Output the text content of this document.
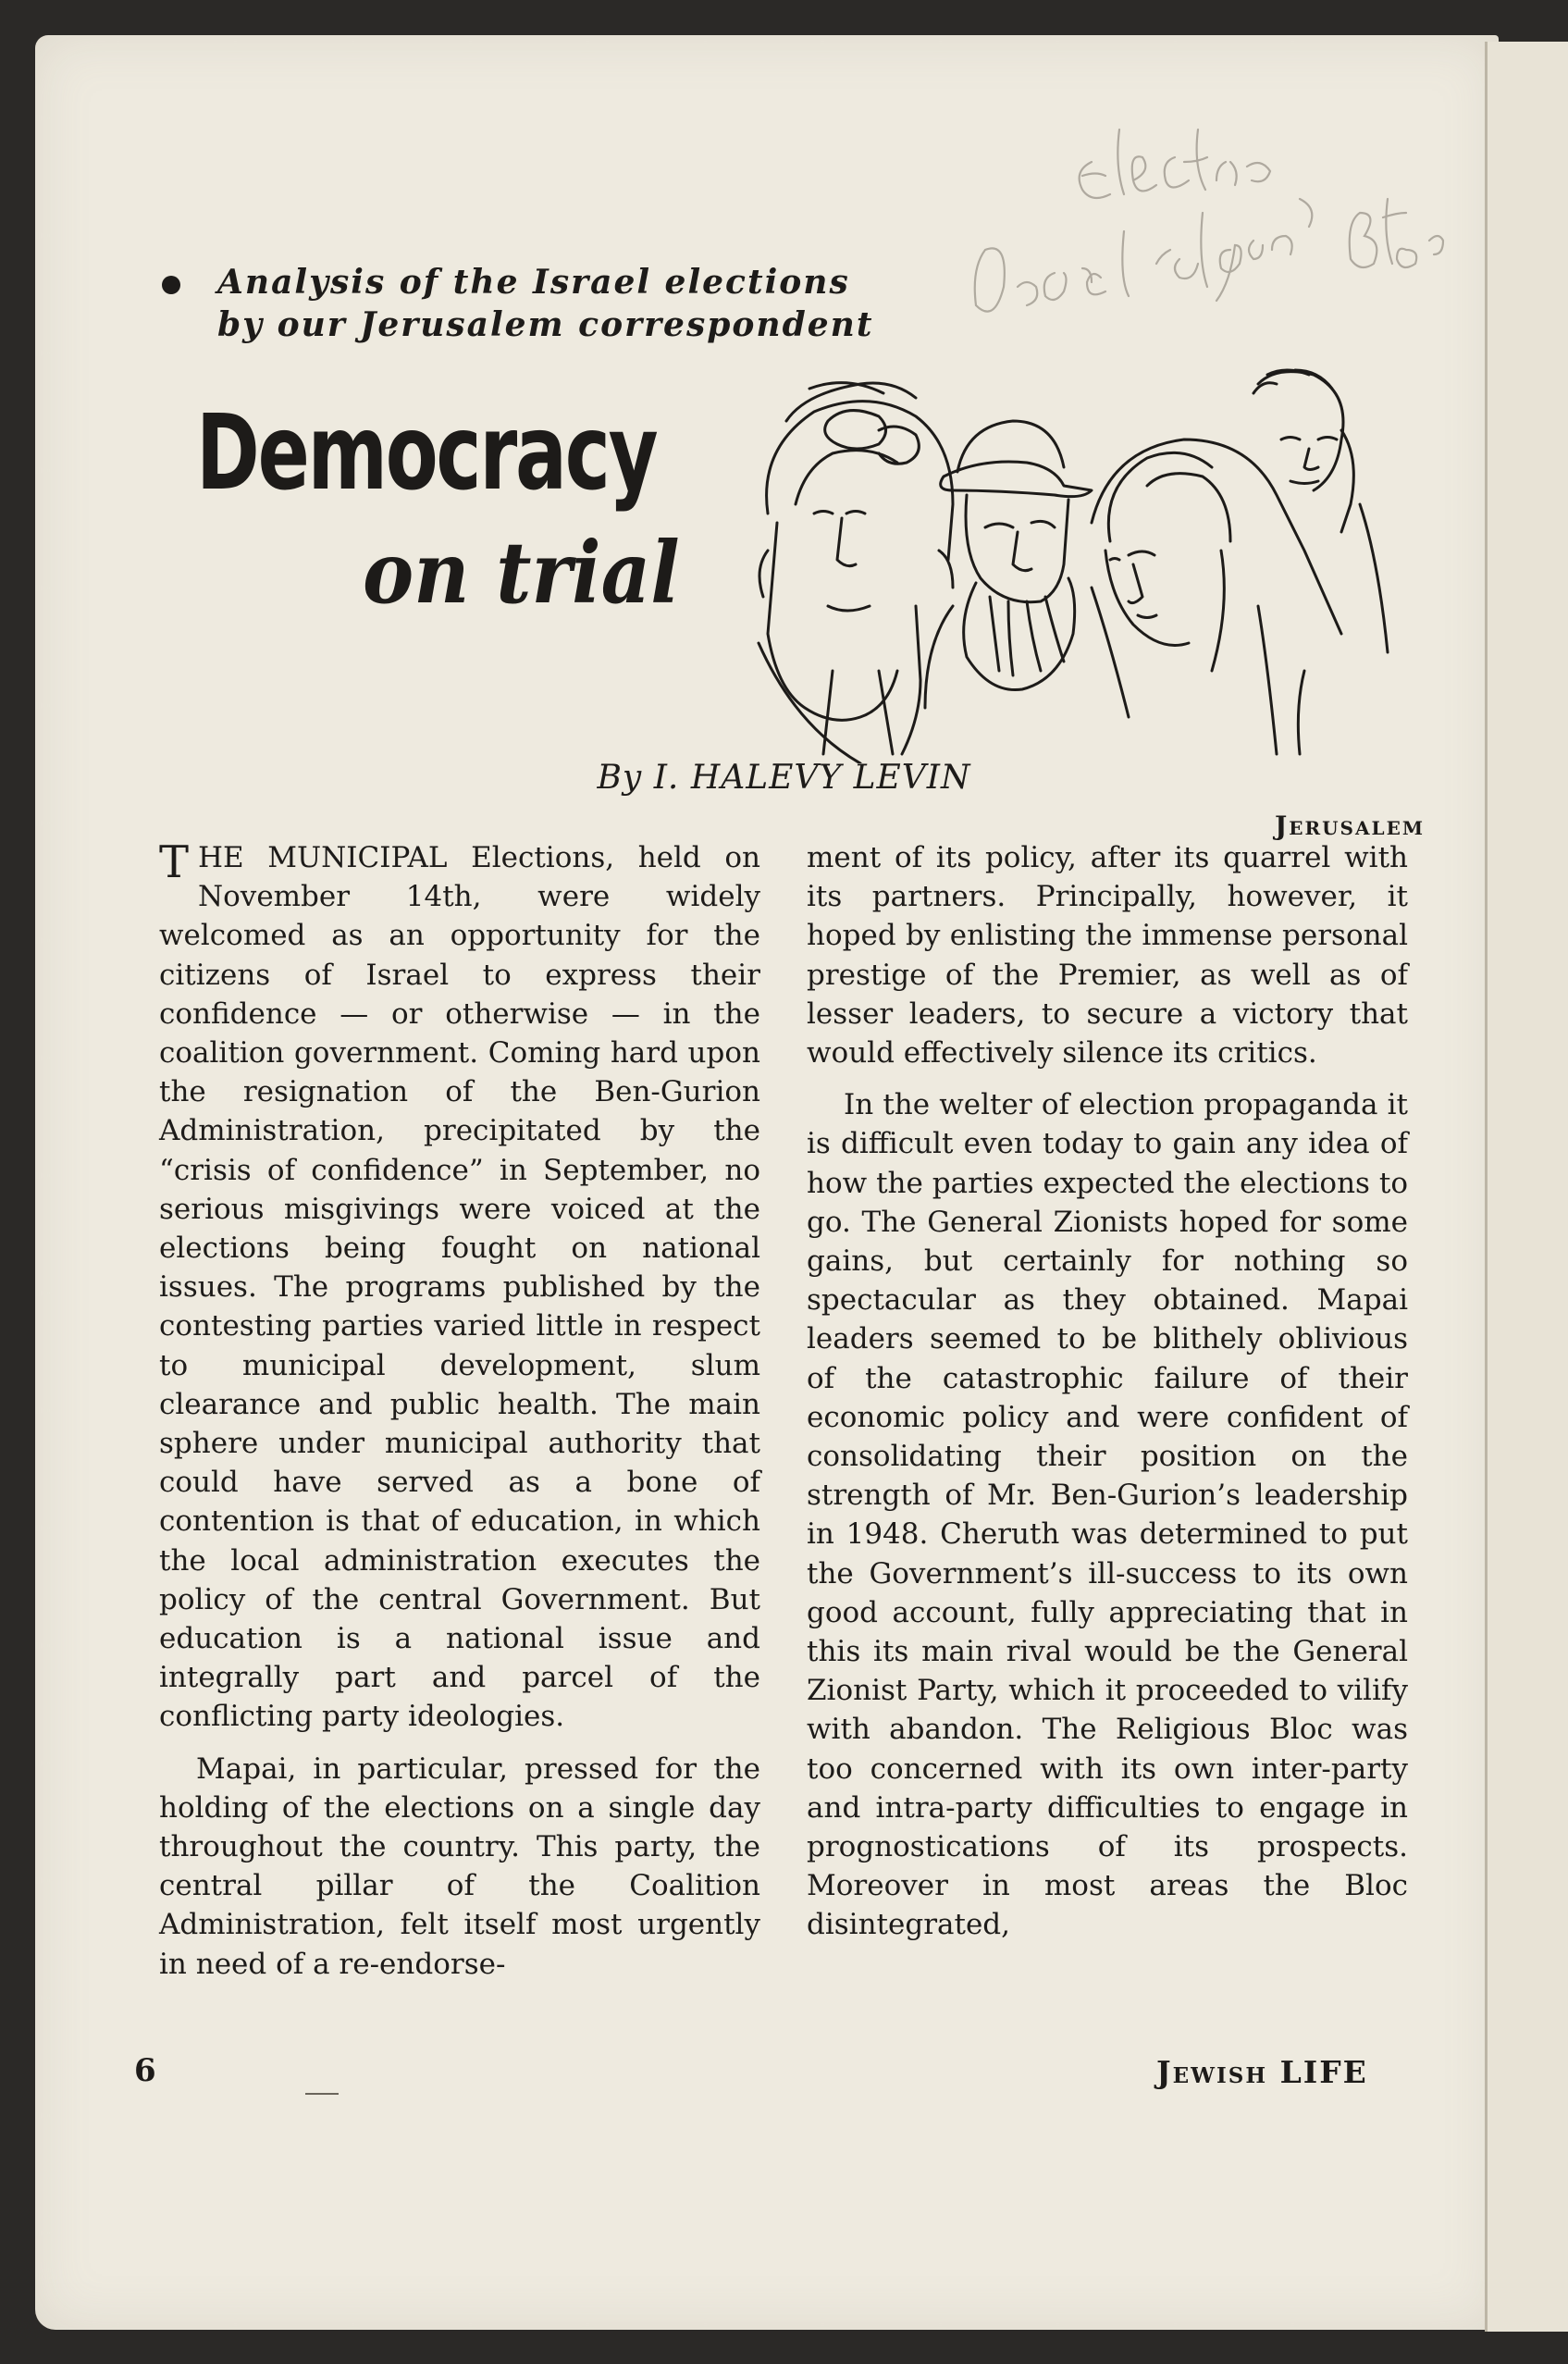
Analysis of the Israel elections
by our Jerusalem correspondent
Democracy
on trial
By I. HALEVY LEVIN
Jerusalem

THE MUNICIPAL Elections, held on November 14th, were widely welcomed as an opportunity for the citizens of Israel to express their confidence — or otherwise — in the coalition government. Coming hard upon the resignation of the Ben-Gurion Administration, precipitated by the “crisis of confidence” in September, no serious misgivings were voiced at the elections being fought on national issues. The programs published by the contesting parties varied little in respect to municipal development, slum clearance and public health. The main sphere under municipal authority that could have served as a bone of contention is that of education, in which the local administration executes the policy of the central Government. But education is a national issue and integrally part and parcel of the conflicting party ideologies.

Mapai, in particular, pressed for the holding of the elections on a single day throughout the country. This party, the central pillar of the Coalition Administration, felt itself most urgently in need of a re-endorse-

ment of its policy, after its quarrel with its partners. Principally, however, it hoped by enlisting the immense personal prestige of the Premier, as well as of lesser leaders, to secure a victory that would effectively silence its critics.

In the welter of election propaganda it is difficult even today to gain any idea of how the parties expected the elections to go. The General Zionists hoped for some gains, but certainly for nothing so spectacular as they obtained. Mapai leaders seemed to be blithely oblivious of the catastrophic failure of their economic policy and were confident of consolidating their position on the strength of Mr. Ben-Gurion’s leadership in 1948. Cheruth was determined to put the Government’s ill-success to its own good account, fully appreciating that in this its main rival would be the General Zionist Party, which it proceeded to vilify with abandon. The Religious Bloc was too concerned with its own inter-party and intra-party difficulties to engage in prognostications of its prospects. Moreover in most areas the Bloc disintegrated,

6	Jewish LIFE
